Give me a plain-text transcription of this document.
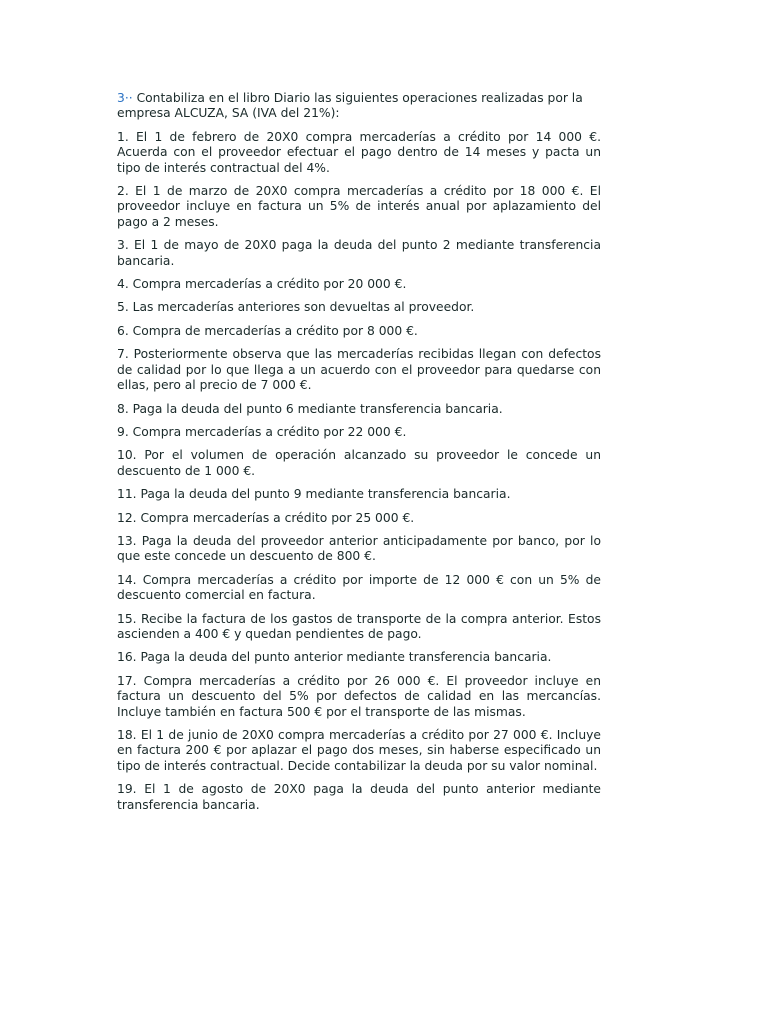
3·· Contabiliza en el libro Diario las siguientes operaciones realizadas por la empresa ALCUZA, SA (IVA del 21%):

1. El 1 de febrero de 20X0 compra mercaderías a crédito por 14 000 €. Acuerda con el proveedor efectuar el pago dentro de 14 meses y pacta un tipo de interés contractual del 4%.

2. El 1 de marzo de 20X0 compra mercaderías a crédito por 18 000 €. El proveedor incluye en factura un 5% de interés anual por aplazamiento del pago a 2 meses.

3. El 1 de mayo de 20X0 paga la deuda del punto 2 mediante transferencia bancaria.

4. Compra mercaderías a crédito por 20 000 €.

5. Las mercaderías anteriores son devueltas al proveedor.

6. Compra de mercaderías a crédito por 8 000 €.

7. Posteriormente observa que las mercaderías recibidas llegan con defectos de calidad por lo que llega a un acuerdo con el proveedor para quedarse con ellas, pero al precio de 7 000 €.

8. Paga la deuda del punto 6 mediante transferencia bancaria.

9. Compra mercaderías a crédito por 22 000 €.

10. Por el volumen de operación alcanzado su proveedor le concede un descuento de 1 000 €.

11. Paga la deuda del punto 9 mediante transferencia bancaria.

12. Compra mercaderías a crédito por 25 000 €.

13. Paga la deuda del proveedor anterior anticipadamente por banco, por lo que este concede un descuento de 800 €.

14. Compra mercaderías a crédito por importe de 12 000 € con un 5% de descuento comercial en factura.

15. Recibe la factura de los gastos de transporte de la compra anterior. Estos ascienden a 400 € y quedan pendientes de pago.

16. Paga la deuda del punto anterior mediante transferencia bancaria.

17. Compra mercaderías a crédito por 26 000 €. El proveedor incluye en factura un descuento del 5% por defectos de calidad en las mercancías. Incluye también en factura 500 € por el transporte de las mismas.

18. El 1 de junio de 20X0 compra mercaderías a crédito por 27 000 €. Incluye en factura 200 € por aplazar el pago dos meses, sin haberse especificado un tipo de interés contractual. Decide contabilizar la deuda por su valor nominal.

19. El 1 de agosto de 20X0 paga la deuda del punto anterior mediante transferencia bancaria.
